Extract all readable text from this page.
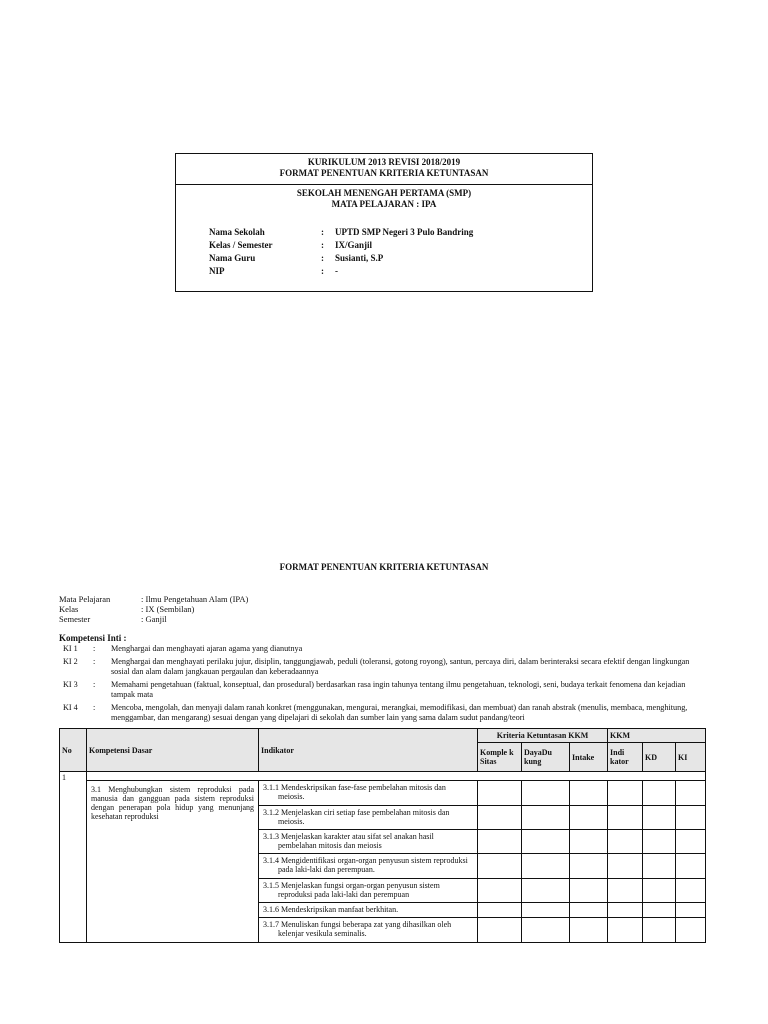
KURIKULUM 2013 REVISI 2018/2019
FORMAT PENENTUAN KRITERIA KETUNTASAN
SEKOLAH MENENGAH PERTAMA (SMP)
MATA PELAJARAN : IPA
Nama Sekolah	: UPTD SMP Negeri 3 Pulo Bandring
Kelas / Semester	: IX/Ganjil
Nama Guru	: Susianti, S.P
NIP	: -
FORMAT PENENTUAN KRITERIA KETUNTASAN
Mata Pelajaran	: Ilmu Pengetahuan Alam (IPA)
Kelas	: IX (Sembilan)
Semester	: Ganjil
Kompetensi Inti :
KI 1	:	Menghargai dan menghayati ajaran agama yang dianutnya
KI 2	:	Menghargai dan menghayati perilaku jujur, disiplin, tanggungjawab, peduli (toleransi, gotong royong), santun, percaya diri, dalam berinteraksi secara efektif dengan lingkungan sosial dan alam dalam jangkauan pergaulan dan keberadaannya
KI 3	:	Memahami pengetahuan (faktual, konseptual, dan prosedural) berdasarkan rasa ingin tahunya tentang ilmu pengetahuan, teknologi, seni, budaya terkait fenomena dan kejadian tampak mata
KI 4	:	Mencoba, mengolah, dan menyaji dalam ranah konkret (menggunakan, mengurai, merangkai, memodifikasi, dan membuat) dan ranah abstrak (menulis, membaca, menghitung, menggambar, dan mengarang) sesuai dengan yang dipelajari di sekolah dan sumber lain yang sama dalam sudut pandang/teori
No	Kompetensi Dasar	Indikator	Kriteria Ketuntasan KKM			KKM		
			Komple k Sitas	DayaDu kung	Intake	Indi kator	KD	KI
1								
	3.1 Menghubungkan sistem reproduksi pada manusia dan gangguan pada sistem reproduksi dengan penerapan pola hidup yang menunjang kesehatan reproduksi	3.1.1 Mendeskripsikan fase-fase pembelahan mitosis dan meiosis.						

		3.1.2 Menjelaskan ciri setiap fase pembelahan mitosis dan meiosis.						

		3.1.3 Menjelaskan karakter atau sifat sel anakan hasil pembelahan mitosis dan meiosis						

		3.1.4 Mengidentifikasi organ-organ penyusun sistem reproduksi pada laki-laki dan perempuan.						

		3.1.5 Menjelaskan fungsi organ-organ penyusun sistem reproduksi pada laki-laki dan perempuan						

		3.1.6 Mendeskripsikan manfaat berkhitan.						

		3.1.7 Menuliskan fungsi beberapa zat yang dihasilkan oleh kelenjar vesikula seminalis.						
